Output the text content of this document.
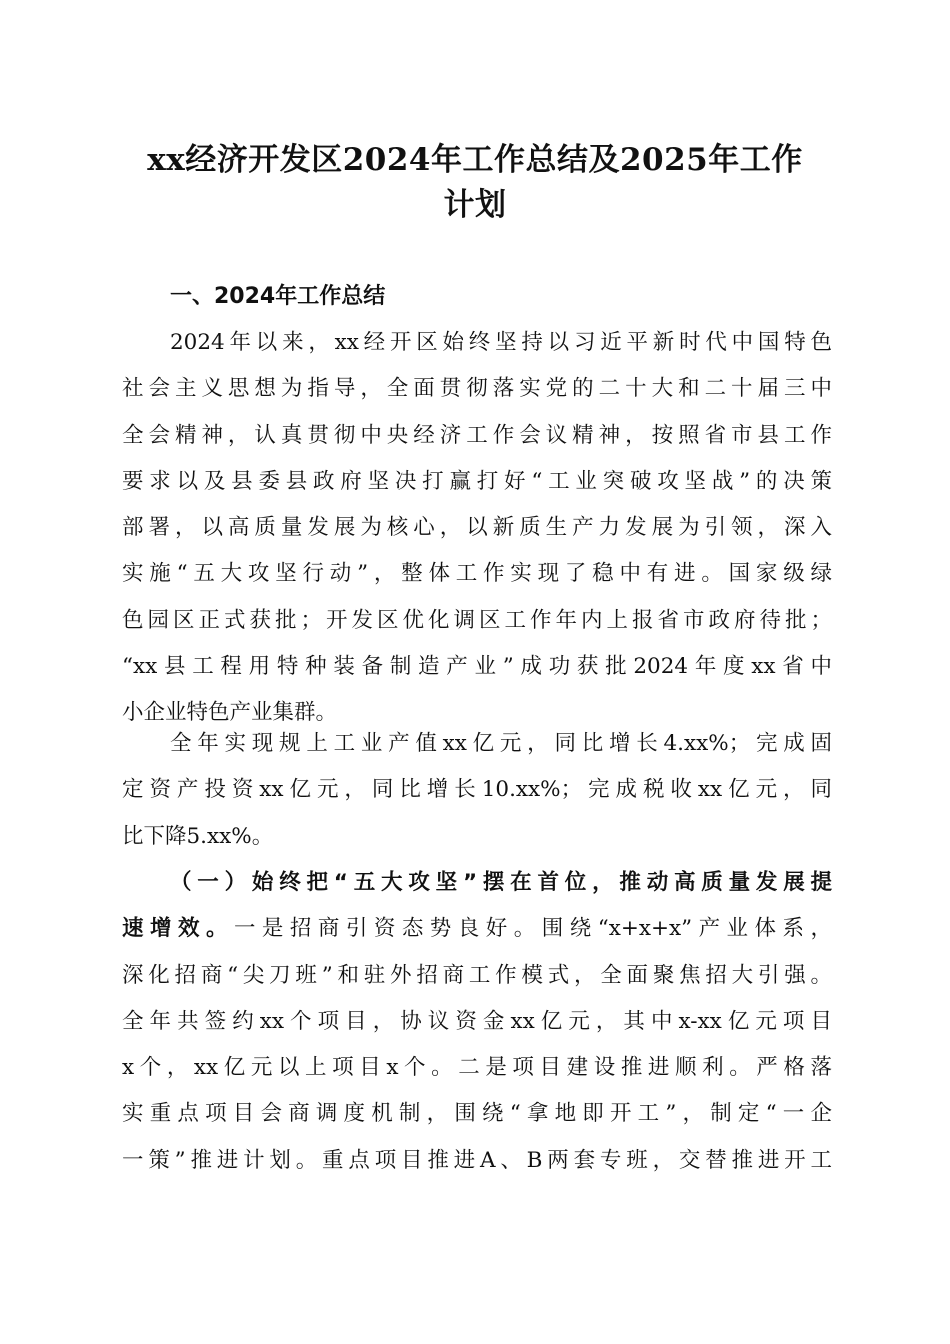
xx经济开发区2024年工作总结及2025年工作
计划
一、2024年工作总结
2024年以来，xx经开区始终坚持以习近平新时代中国特色
社会主义思想为指导，全面贯彻落实党的二十大和二十届三中
全会精神，认真贯彻中央经济工作会议精神，按照省市县工作
要求以及县委县政府坚决打赢打好“工业突破攻坚战”的决策
部署，以高质量发展为核心，以新质生产力发展为引领，深入
实施“五大攻坚行动”，整体工作实现了稳中有进。国家级绿
色园区正式获批；开发区优化调区工作年内上报省市政府待批；
“xx县工程用特种装备制造产业”成功获批2024年度xx省中
小企业特色产业集群。
全年实现规上工业产值xx亿元，同比增长4.xx%；完成固
定资产投资xx亿元，同比增长10.xx%；完成税收xx亿元，同
比下降5.xx%。
（一）始终把“五大攻坚”摆在首位，推动高质量发展提
速增效。一是招商引资态势良好。围绕“x+x+x”产业体系，
深化招商“尖刀班”和驻外招商工作模式，全面聚焦招大引强。
全年共签约xx个项目，协议资金xx亿元，其中x-xx亿元项目
x个，xx亿元以上项目x个。二是项目建设推进顺利。严格落
实重点项目会商调度机制，围绕“拿地即开工”，制定“一企
一策”推进计划。重点项目推进A、B两套专班，交替推进开工
